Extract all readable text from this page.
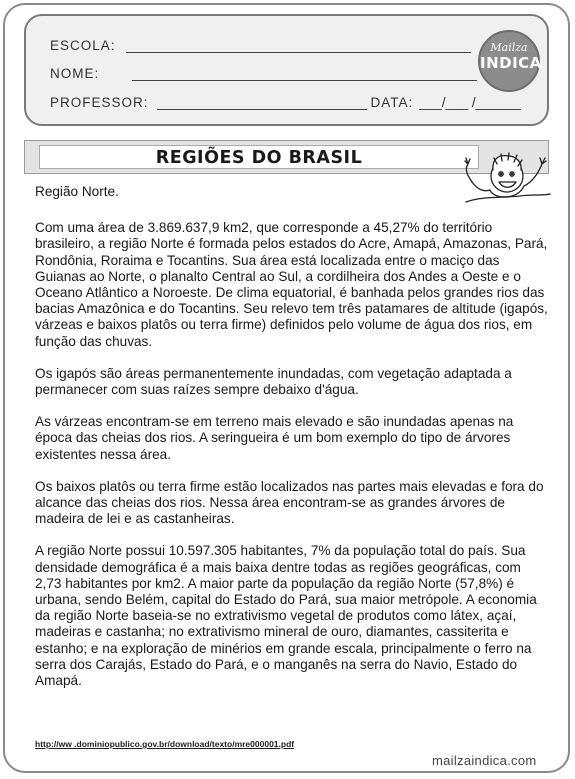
ESCOLA:
NOME:
PROFESSOR:	DATA: ___/___ /______
Mailza
INDICA
REGIÕES DO BRASIL

Região Norte.

Com uma área de 3.869.637,9 km2, que corresponde a 45,27% do território brasileiro, a região Norte é formada pelos estados do Acre, Amapá, Amazonas, Pará, Rondônia, Roraima e Tocantins. Sua área está localizada entre o maciço das Guianas ao Norte, o planalto Central ao Sul, a cordilheira dos Andes a Oeste e o Oceano Atlântico a Noroeste. De clima equatorial, é banhada pelos grandes rios das bacias Amazônica e do Tocantins. Seu relevo tem três patamares de altitude (igapós, várzeas e baixos platôs ou terra firme) definidos pelo volume de água dos rios, em função das chuvas.

Os igapós são áreas permanentemente inundadas, com vegetação adaptada a permanecer com suas raízes sempre debaixo d'água.

As várzeas encontram-se em terreno mais elevado e são inundadas apenas na época das cheias dos rios. A seringueira é um bom exemplo do tipo de árvores existentes nessa área.

Os baixos platôs ou terra firme estão localizados nas partes mais elevadas e fora do alcance das cheias dos rios. Nessa área encontram-se as grandes árvores de madeira de lei e as castanheiras.

A região Norte possui 10.597.305 habitantes, 7% da população total do país. Sua densidade demográfica é a mais baixa dentre todas as regiões geográficas, com 2,73 habitantes por km2. A maior parte da população da região Norte (57,8%) é urbana, sendo Belém, capital do Estado do Pará, sua maior metrópole. A economia da região Norte baseia-se no extrativismo vegetal de produtos como látex, açaí, madeiras e castanha; no extrativismo mineral de ouro, diamantes, cassiterita e estanho; e na exploração de minérios em grande escala, principalmente o ferro na serra dos Carajás, Estado do Pará, e o manganês na serra do Navio, Estado do Amapá.

http://ww .dominiopublico.gov.br/download/texto/mre000001.pdf
mailzaindica.com
